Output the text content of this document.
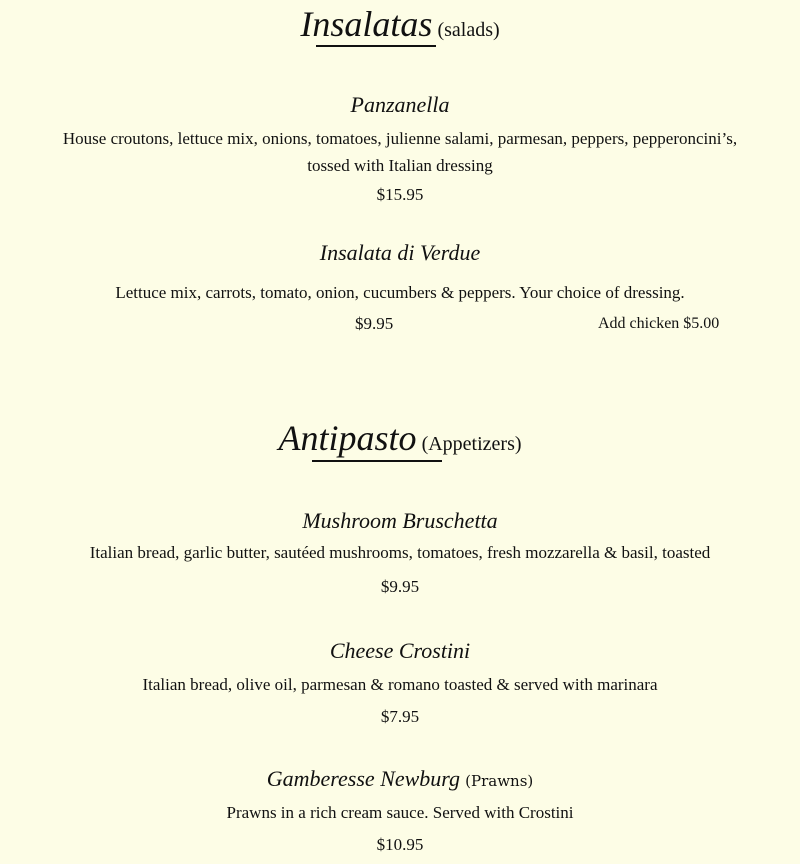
Insalatas (salads)
Panzanella
House croutons, lettuce mix, onions, tomatoes, julienne salami, parmesan, peppers, pepperoncini’s,
tossed with Italian dressing
$15.95
Insalata di Verdue
Lettuce mix, carrots, tomato, onion, cucumbers & peppers. Your choice of dressing.
$9.95	Add chicken $5.00
Antipasto (Appetizers)
Mushroom Bruschetta
Italian bread, garlic butter, sautéed mushrooms, tomatoes, fresh mozzarella & basil, toasted
$9.95
Cheese Crostini
Italian bread, olive oil, parmesan & romano toasted & served with marinara
$7.95
Gamberesse Newburg (Prawns)
Prawns in a rich cream sauce. Served with Crostini
$10.95
